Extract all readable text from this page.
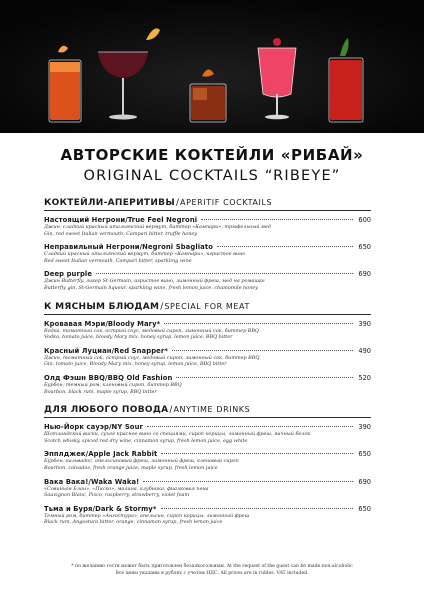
АВТОРСКИЕ КОКТЕЙЛИ «РИБАЙ»
ORIGINAL COCKTAILS “RIBEYE”
КОКТЕЙЛИ-АПЕРИТИВЫ / APERITIF COCKTAILS
Настоящий Негрони/True Feel Negroni	600
Джин, сладкий красный итальянский вермут, биттер «Кампари», трюфельный мед
Gin, red sweet Italian vermouth, Campari bitter, truffle honey
Неправильный Негрони/Negroni Sbagliato	650
Сладкий красный итальянский вермут, биттер «Кампари», игристое вино
Red sweet Italian vermouth, Campari bitter, sparkling wine
Deep purple	690
Джин Butterfly, ликер St-Germain, игристое вино, лимонный фреш, мед на ромашке
Butterfly gin, St-Germain liqueur, sparkling wine, fresh lemon juice, chamomile honey
К МЯСНЫМ БЛЮДАМ / SPECIAL FOR MEAT
Кровавая Мэри/Bloody Mary*	390
Водка, томатный сок, острый соус, медовый сироп, лимонный сок, биттер BBQ
Vodka, tomato juice, bloody Mary mix, honey syrup, lemon juice, BBQ bitter
Красный Луциан/Red Snapper*	490
Джин, томатный сок, острый соус, медовый сироп, лимонный сок, биттер BBQ
Gin, tomato juice, Bloody Mary mix, honey syrup, lemon juice, BBQ bitter
Олд Фэшн BBQ/BBQ Old Fashion	520
Бурбон, темный ром, кленовый сироп, биттер BBQ
Bourbon, black rum, maple syrup, BBQ bitter
ДЛЯ ЛЮБОГО ПОВОДА / ANYTIME DRINKS
Нью-Йорк сауэр/NY Sour	390
Шотландский виски, сухое красное вино со специями, сироп корицы, лимонный фреш, яичный белок
Scotch whisky, spiced red dry wine, cinnamon syrup, fresh lemon juice, egg white
Эпплджек/Apple Jack Rabbit	650
Бурбон, кальвадос, апельсиновый фреш, лимонный фреш, кленовый сироп
Bourbon, calvados, fresh orange juice, maple syrup, fresh lemon juice
Вака Вака!/Waka Waka!	690
«Совиньон Блан», «Писко», малина, клубника, фиалковая пена
Sauvignon Blanc, Pisco, raspberry, strawberry, violet foam
Тьма и Буря/Dark & Stormy*	650
Темный ром, биттер «Ангостура», апельсин, сироп корицы, лимонный фреш
Black rum, Angostura bitter, orange, cinnamon syrup, fresh lemon juice
* по желанию гостя может быть приготовлен безалкогольным. At the request of the guest can be made non-alcoholic
Все цены указаны в рублях с учетом НДС. All prices are in rubles. VAT included.
